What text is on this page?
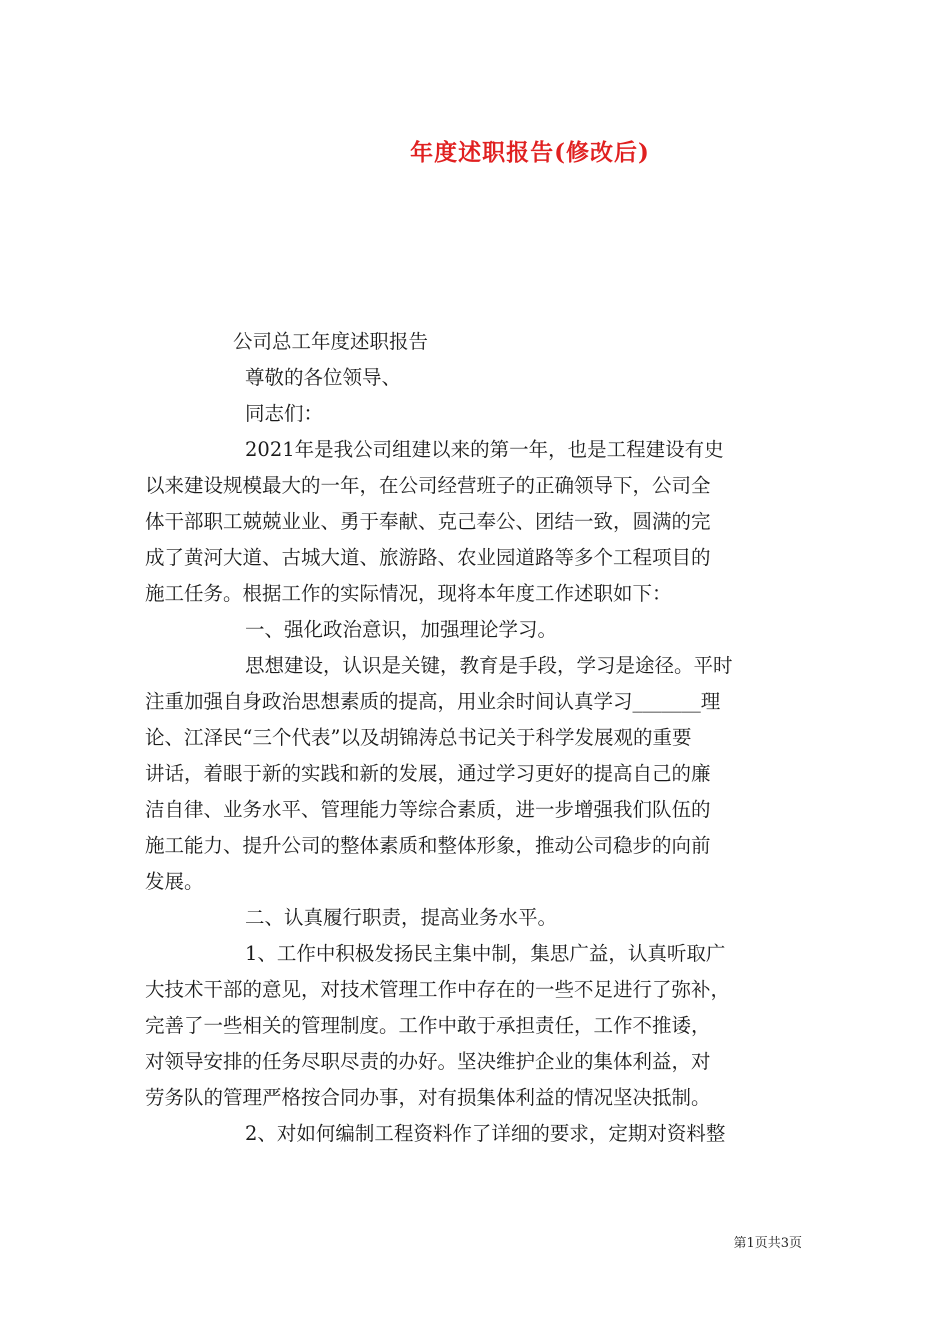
年度述职报告(修改后)
公司总工年度述职报告
尊敬的各位领导、
同志们：
2021年是我公司组建以来的第一年，也是工程建设有史
以来建设规模最大的一年，在公司经营班子的正确领导下，公司全
体干部职工兢兢业业、勇于奉献、克己奉公、团结一致，圆满的完
成了黄河大道、古城大道、旅游路、农业园道路等多个工程项目的
施工任务。根据工作的实际情况，现将本年度工作述职如下：
一、强化政治意识，加强理论学习。
思想建设，认识是关键，教育是手段，学习是途径。平时
注重加强自身政治思想素质的提高，用业余时间认真学习_______理
论、江泽民“三个代表”以及胡锦涛总书记关于科学发展观的重要
讲话，着眼于新的实践和新的发展，通过学习更好的提高自己的廉
洁自律、业务水平、管理能力等综合素质，进一步增强我们队伍的
施工能力、提升公司的整体素质和整体形象，推动公司稳步的向前
发展。
二、认真履行职责，提高业务水平。
1、工作中积极发扬民主集中制，集思广益，认真听取广
大技术干部的意见，对技术管理工作中存在的一些不足进行了弥补，
完善了一些相关的管理制度。工作中敢于承担责任，工作不推诿，
对领导安排的任务尽职尽责的办好。坚决维护企业的集体利益，对
劳务队的管理严格按合同办事，对有损集体利益的情况坚决抵制。
2、对如何编制工程资料作了详细的要求，定期对资料整
第1页共3页
